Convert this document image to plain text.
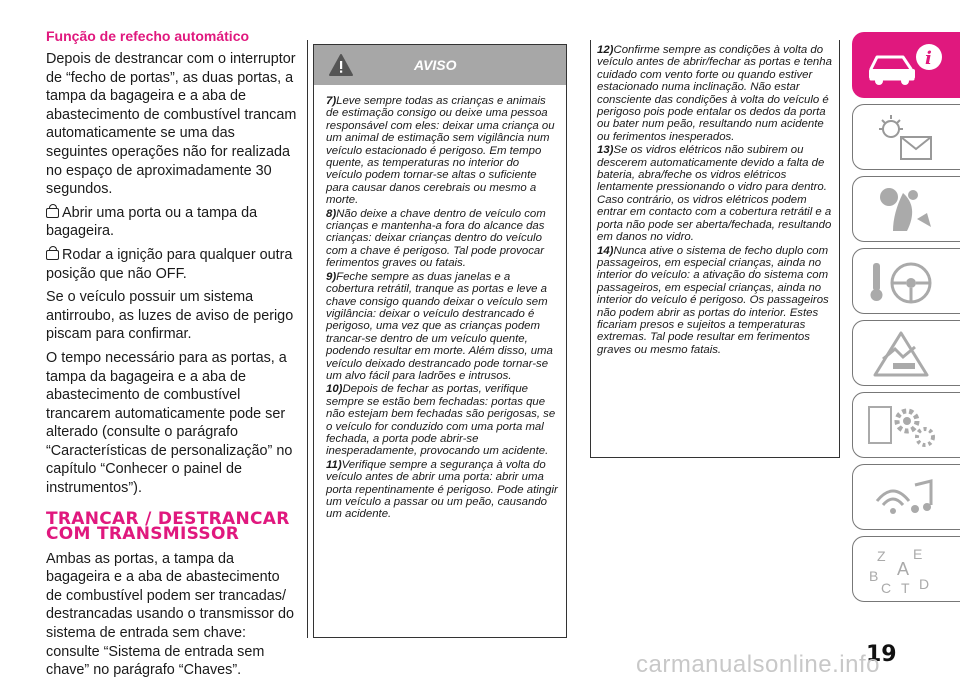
Função de refecho automático

Depois de destrancar com o interruptor de “fecho de portas”, as duas portas, a tampa da bagageira e a aba de abastecimento de combustível trancam automaticamente se uma das seguintes operações não for realizada no espaço de aproximadamente 30 segundos.

Abrir uma porta ou a tampa da bagageira.

Rodar a ignição para qualquer outra posição que não OFF.

Se o veículo possuir um sistema antirroubo, as luzes de aviso de perigo piscam para confirmar.

O tempo necessário para as portas, a tampa da bagageira e a aba de abastecimento de combustível trancarem automaticamente pode ser alterado (consulte o parágrafo “Características de personalização” no capítulo “Conhecer o painel de instrumentos”).

TRANCAR / DESTRANCAR COM TRANSMISSOR

Ambas as portas, a tampa da bagageira e a aba de abastecimento de combustível podem ser trancadas/ destrancadas usando o transmissor do sistema de entrada sem chave: consulte “Sistema de entrada sem chave” no parágrafo “Chaves”.

AVISO

7)Leve sempre todas as crianças e animais de estimação consigo ou deixe uma pessoa responsável com eles: deixar uma criança ou um animal de estimação sem vigilância num veículo estacionado é perigoso. Em tempo quente, as temperaturas no interior do veículo podem tornar-se altas o suficiente para causar danos cerebrais ou mesmo a morte.

8)Não deixe a chave dentro de veículo com crianças e mantenha-a fora do alcance das crianças: deixar crianças dentro do veículo com a chave é perigoso. Tal pode provocar ferimentos graves ou fatais.

9)Feche sempre as duas janelas e a cobertura retrátil, tranque as portas e leve a chave consigo quando deixar o veículo sem vigilância: deixar o veículo destrancado é perigoso, uma vez que as crianças podem trancar-se dentro de um veículo quente, podendo resultar em morte. Além disso, uma veículo deixado destrancado pode tornar-se um alvo fácil para ladrões e intrusos.

10)Depois de fechar as portas, verifique sempre se estão bem fechadas: portas que não estejam bem fechadas são perigosas, se o veículo for conduzido com uma porta mal fechada, a porta pode abrir-se inesperadamente, provocando um acidente.

11)Verifique sempre a segurança à volta do veículo antes de abrir uma porta: abrir uma porta repentinamente é perigoso. Pode atingir um veículo a passar ou um peão, causando um acidente.

12)Confirme sempre as condições à volta do veículo antes de abrir/fechar as portas e tenha cuidado com vento forte ou quando estiver estacionado numa inclinação. Não estar consciente das condições à volta do veículo é perigoso pois pode entalar os dedos da porta ou bater num peão, resultando num acidente ou ferimentos inesperados.

13)Se os vidros elétricos não subirem ou descerem automaticamente devido a falta de bateria, abra/feche os vidros elétricos lentamente pressionando o vidro para dentro. Caso contrário, os vidros elétricos podem entrar em contacto com a cobertura retrátil e a porta não pode ser aberta/fechada, resultando em danos no vidro.

14)Nunca ative o sistema de fecho duplo com passageiros, em especial crianças, ainda no interior do veículo: a ativação do sistema com passageiros, em especial crianças, ainda no interior do veículo é perigoso. Os passageiros não podem abrir as portas do interior. Estes ficariam presos e sujeitos a temperaturas extremas. Tal pode resultar em ferimentos graves ou mesmo fatais.

i
Z E
A
B
C T D
19
carmanualsonline.info
